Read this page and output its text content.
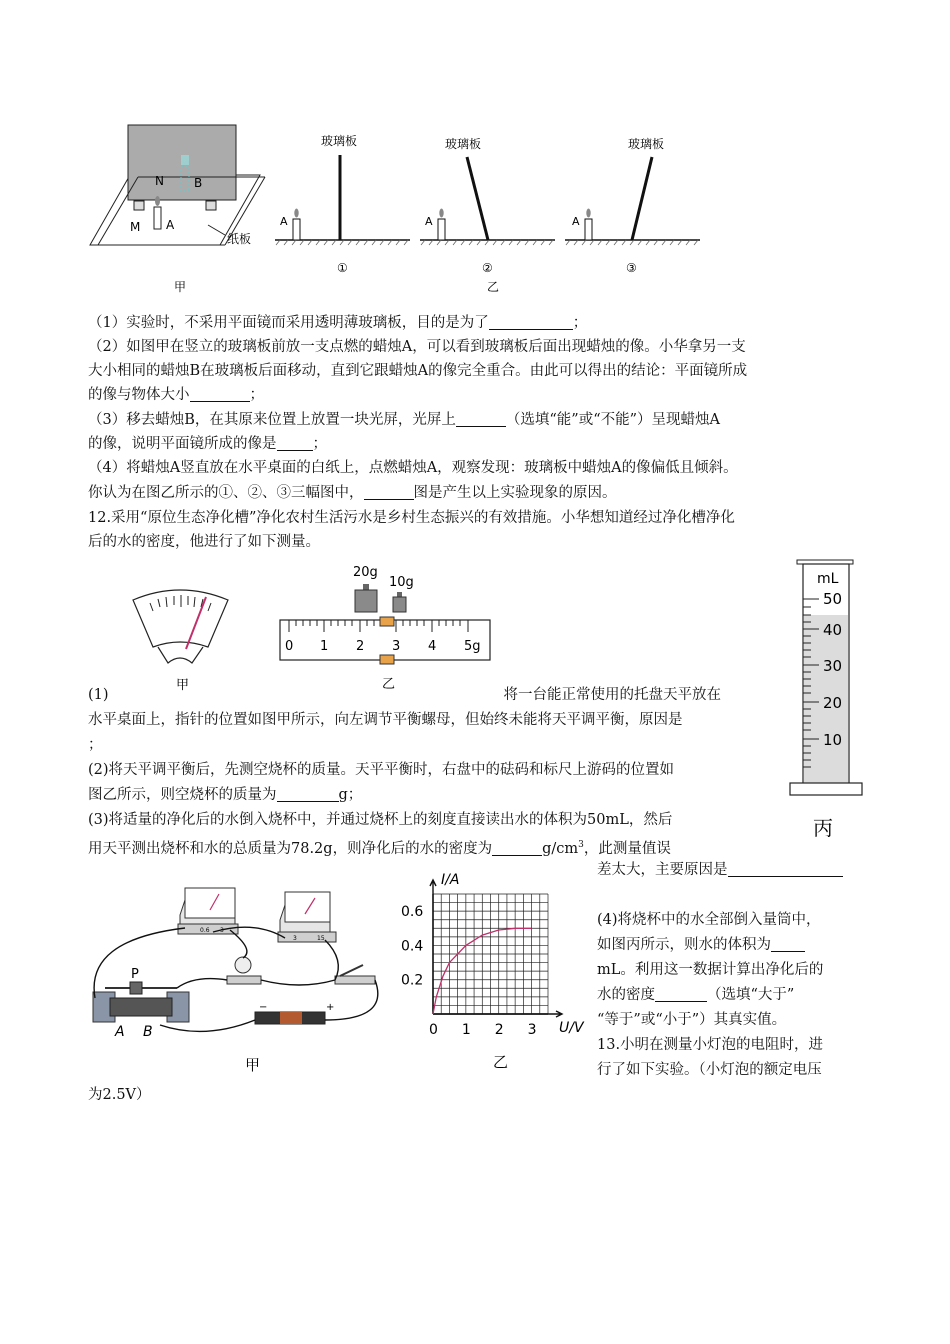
N	B
M A
纸板
玻璃板
A
玻璃板
A
玻璃板
A
①	②	③
甲	乙
（1）实验时，不采用平面镜而采用透明薄玻璃板，目的是为了	；
（2）如图甲在竖立的玻璃板前放一支点燃的蜡烛A，可以看到玻璃板后面出现蜡烛的像。小华拿另一支
大小相同的蜡烛B在玻璃板后面移动，直到它跟蜡烛A的像完全重合。由此可以得出的结论：平面镜所成
的像与物体大小	；
（3）移去蜡烛B，在其原来位置上放置一块光屏，光屏上	（选填“能”或“不能”）呈现蜡烛A
的像，说明平面镜所成的像是 ；
（4）将蜡烛A竖直放在水平桌面的白纸上，点燃蜡烛A，观察发现：玻璃板中蜡烛A的像偏低且倾斜。
你认为在图乙所示的①、②、③三幅图中，	图是产生以上实验现象的原因。
12.采用“原位生态净化槽”净化农村生活污水是乡村生态振兴的有效措施。小华想知道经过净化槽净化
后的水的密度，他进行了如下测量。
甲
20g
10g
0 1 2 3 4 5g
乙
mL
50
40
30
20
10
丙
(1)	将一台能正常使用的托盘天平放在
水平桌面上，指针的位置如图甲所示，向左调节平衡螺母，但始终未能将天平调平衡，原因是
；
(2)将天平调平衡后，先测空烧杯的质量。天平平衡时，右盘中的砝码和标尺上游码的位置如
图乙所示，则空烧杯的质量为	g；
(3)将适量的净化后的水倒入烧杯中，并通过烧杯上的刻度直接读出水的体积为50mL，然后
用天平测出烧杯和水的总质量为78.2g，则净化后的水的密度为	$g/cm^3$，此测量值误
差太大，主要原因是
(4)将烧杯中的水全部倒入量筒中，
如图丙所示，则水的体积为
mL。利用这一数据计算出净化后的
水的密度	（选填“大于”
“等于”或“小于”）其真实值。
13.小明在测量小灯泡的电阻时，进
行了如下实验。（小灯泡的额定电压
为2.5V）
0.6 3
3	15
−	+
P
A B
甲
0 1 2 3
0.2
0.4
0.6
I/A
U/V
乙
